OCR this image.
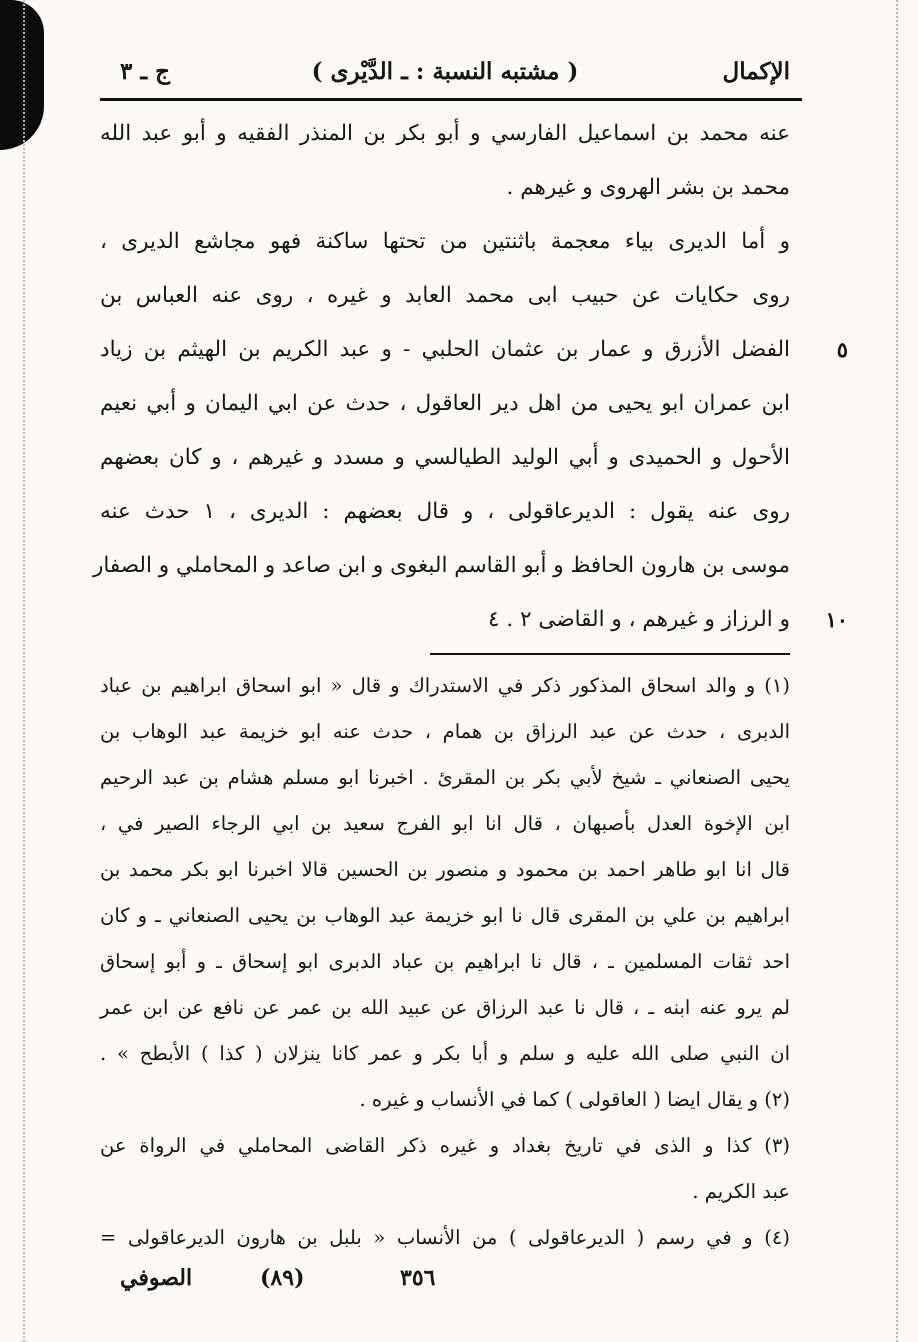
الإكمال
( مشتبه النسبة : ـ الدَّيْرى )
ج ـ ٣
عنه محمد بن اسماعيل الفارسي و أبو بكر بن المنذر الفقيه و أبو عبد الله
محمد بن بشر الهروى و غيرهم .
و أما الديرى بياء معجمة باثنتين من تحتها ساكنة فهو مجاشع الديرى ،
روى حكايات عن حبيب ابى محمد العابد و غيره ، روى عنه العباس بن
٥
الفضل الأزرق و عمار بن عثمان الحلبي - و عبد الكريم بن الهيثم بن زياد
ابن عمران ابو يحيى من اهل دير العاقول ، حدث عن ابي اليمان و أبي نعيم
الأحول و الحميدى و أبي الوليد الطيالسي و مسدد و غيرهم ، و كان بعضهم
روى عنه يقول : الديرعاقولى ، و قال بعضهم : الديرى ، ١ حدث عنه
موسى بن هارون الحافظ و أبو القاسم البغوى و ابن صاعد و المحاملي و الصفار
١٠
و الرزاز و غيرهم ، و القاضى ٢ . ٤
(١) و والد اسحاق المذكور ذكر في الاستدراك و قال « ابو اسحاق ابراهيم بن عباد
الدبرى ، حدث عن عبد الرزاق بن همام ، حدث عنه ابو خزيمة عبد الوهاب بن
يحيى الصنعاني ـ شيخ لأبي بكر بن المقرئ . اخبرنا ابو مسلم هشام بن عبد الرحيم
ابن الإخوة العدل بأصبهان ، قال انا ابو الفرج سعيد بن ابي الرجاء الصير في ،
قال انا ابو طاهر احمد بن محمود و منصور بن الحسين قالا اخبرنا ابو بكر محمد بن
ابراهيم بن علي بن المقرى قال نا ابو خزيمة عبد الوهاب بن يحيى الصنعاني ـ و كان
احد ثقات المسلمين ـ ، قال نا ابراهيم بن عباد الدبرى ابو إسحاق ـ و أبو إسحاق
لم يرو عنه ابنه ـ ، قال نا عبد الرزاق عن عبيد الله بن عمر عن نافع عن ابن عمر
ان النبي صلى الله عليه و سلم و أبا بكر و عمر كانا ينزلان ( كذا ) الأبطح » .
(٢) و يقال ايضا ( العاقولى ) كما في الأنساب و غيره .
(٣) كذا و الذى في تاريخ بغداد و غيره ذكر القاضى المحاملي في الرواة عن
عبد الكريم .
(٤) و في رسم ( الديرعاقولى ) من الأنساب « بلبل بن هارون الديرعاقولى =
٣٥٦
(٨٩)
الصوفي
